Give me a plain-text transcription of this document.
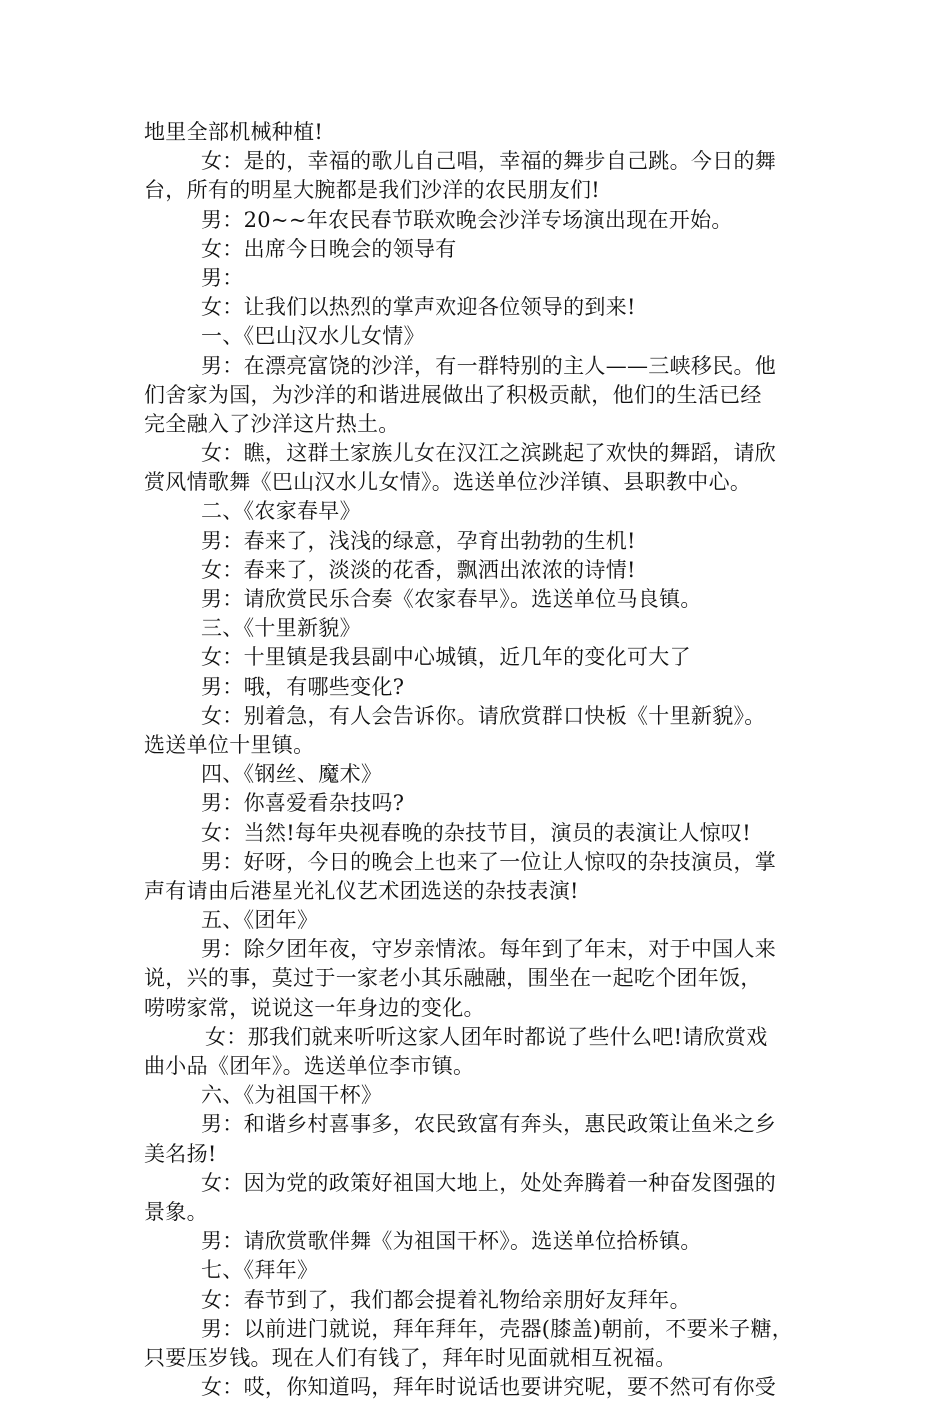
地里全部机械种植!
女：是的，幸福的歌儿自己唱，幸福的舞步自己跳。今日的舞
台，所有的明星大腕都是我们沙洋的农民朋友们!
男：20~~年农民春节联欢晚会沙洋专场演出现在开始。
女：出席今日晚会的领导有
男：
女：让我们以热烈的掌声欢迎各位领导的到来!
一、《巴山汉水儿女情》
男：在漂亮富饶的沙洋，有一群特别的主人——三峡移民。他
们舍家为国，为沙洋的和谐进展做出了积极贡献，他们的生活已经
完全融入了沙洋这片热土。
女：瞧，这群土家族儿女在汉江之滨跳起了欢快的舞蹈，请欣
赏风情歌舞《巴山汉水儿女情》。选送单位沙洋镇、县职教中心。
二、《农家春早》
男：春来了，浅浅的绿意，孕育出勃勃的生机!
女：春来了，淡淡的花香，飘洒出浓浓的诗情!
男：请欣赏民乐合奏《农家春早》。选送单位马良镇。
三、《十里新貌》
女：十里镇是我县副中心城镇，近几年的变化可大了
男：哦，有哪些变化?
女：别着急，有人会告诉你。请欣赏群口快板《十里新貌》。
选送单位十里镇。
四、《钢丝、魔术》
男：你喜爱看杂技吗?
女：当然!每年央视春晚的杂技节目，演员的表演让人惊叹!
男：好呀，今日的晚会上也来了一位让人惊叹的杂技演员，掌
声有请由后港星光礼仪艺术团选送的杂技表演!
五、《团年》
男：除夕团年夜，守岁亲情浓。每年到了年末，对于中国人来
说，兴的事，莫过于一家老小其乐融融，围坐在一起吃个团年饭，
唠唠家常，说说这一年身边的变化。
女：那我们就来听听这家人团年时都说了些什么吧!请欣赏戏
曲小品《团年》。选送单位李市镇。
六、《为祖国干杯》
男：和谐乡村喜事多，农民致富有奔头，惠民政策让鱼米之乡
美名扬!
女：因为党的政策好祖国大地上，处处奔腾着一种奋发图强的
景象。
男：请欣赏歌伴舞《为祖国干杯》。选送单位拾桥镇。
七、《拜年》
女：春节到了，我们都会提着礼物给亲朋好友拜年。
男：以前进门就说，拜年拜年，壳器(膝盖)朝前，不要米子糖，
只要压岁钱。现在人们有钱了，拜年时见面就相互祝福。
女：哎，你知道吗，拜年时说话也要讲究呢，要不然可有你受
